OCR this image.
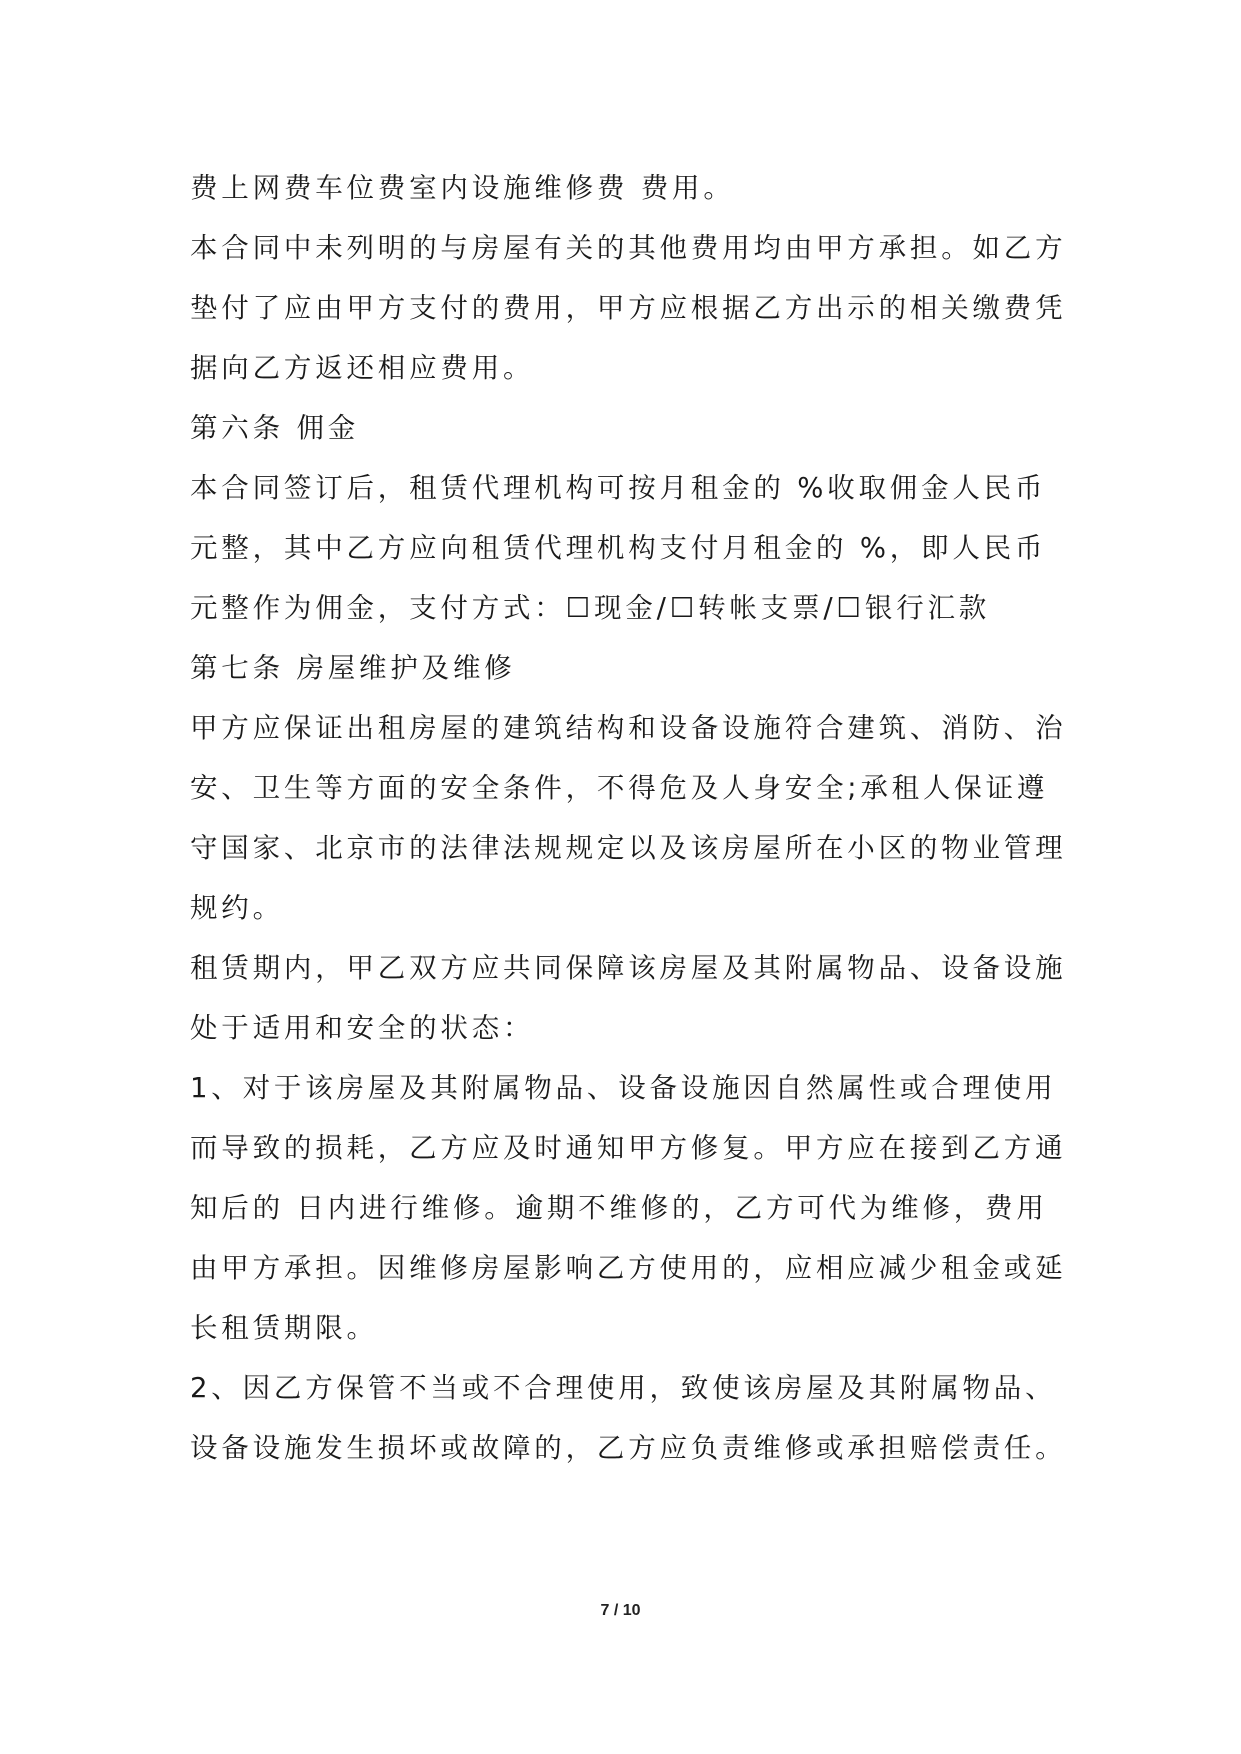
费上网费车位费室内设施维修费 费用。

本合同中未列明的与房屋有关的其他费用均由甲方承担。如乙方

垫付了应由甲方支付的费用，甲方应根据乙方出示的相关缴费凭

据向乙方返还相应费用。

第六条 佣金

本合同签订后，租赁代理机构可按月租金的 %收取佣金人民币

元整，其中乙方应向租赁代理机构支付月租金的 %，即人民币

元整作为佣金，支付方式：☐现金/☐转帐支票/☐银行汇款

第七条 房屋维护及维修

甲方应保证出租房屋的建筑结构和设备设施符合建筑、消防、治

安、卫生等方面的安全条件，不得危及人身安全;承租人保证遵

守国家、北京市的法律法规规定以及该房屋所在小区的物业管理

规约。

租赁期内，甲乙双方应共同保障该房屋及其附属物品、设备设施

处于适用和安全的状态：

1、对于该房屋及其附属物品、设备设施因自然属性或合理使用

而导致的损耗，乙方应及时通知甲方修复。甲方应在接到乙方通

知后的 日内进行维修。逾期不维修的，乙方可代为维修，费用

由甲方承担。因维修房屋影响乙方使用的，应相应减少租金或延

长租赁期限。

2、因乙方保管不当或不合理使用，致使该房屋及其附属物品、

设备设施发生损坏或故障的，乙方应负责维修或承担赔偿责任。

7 / 10
